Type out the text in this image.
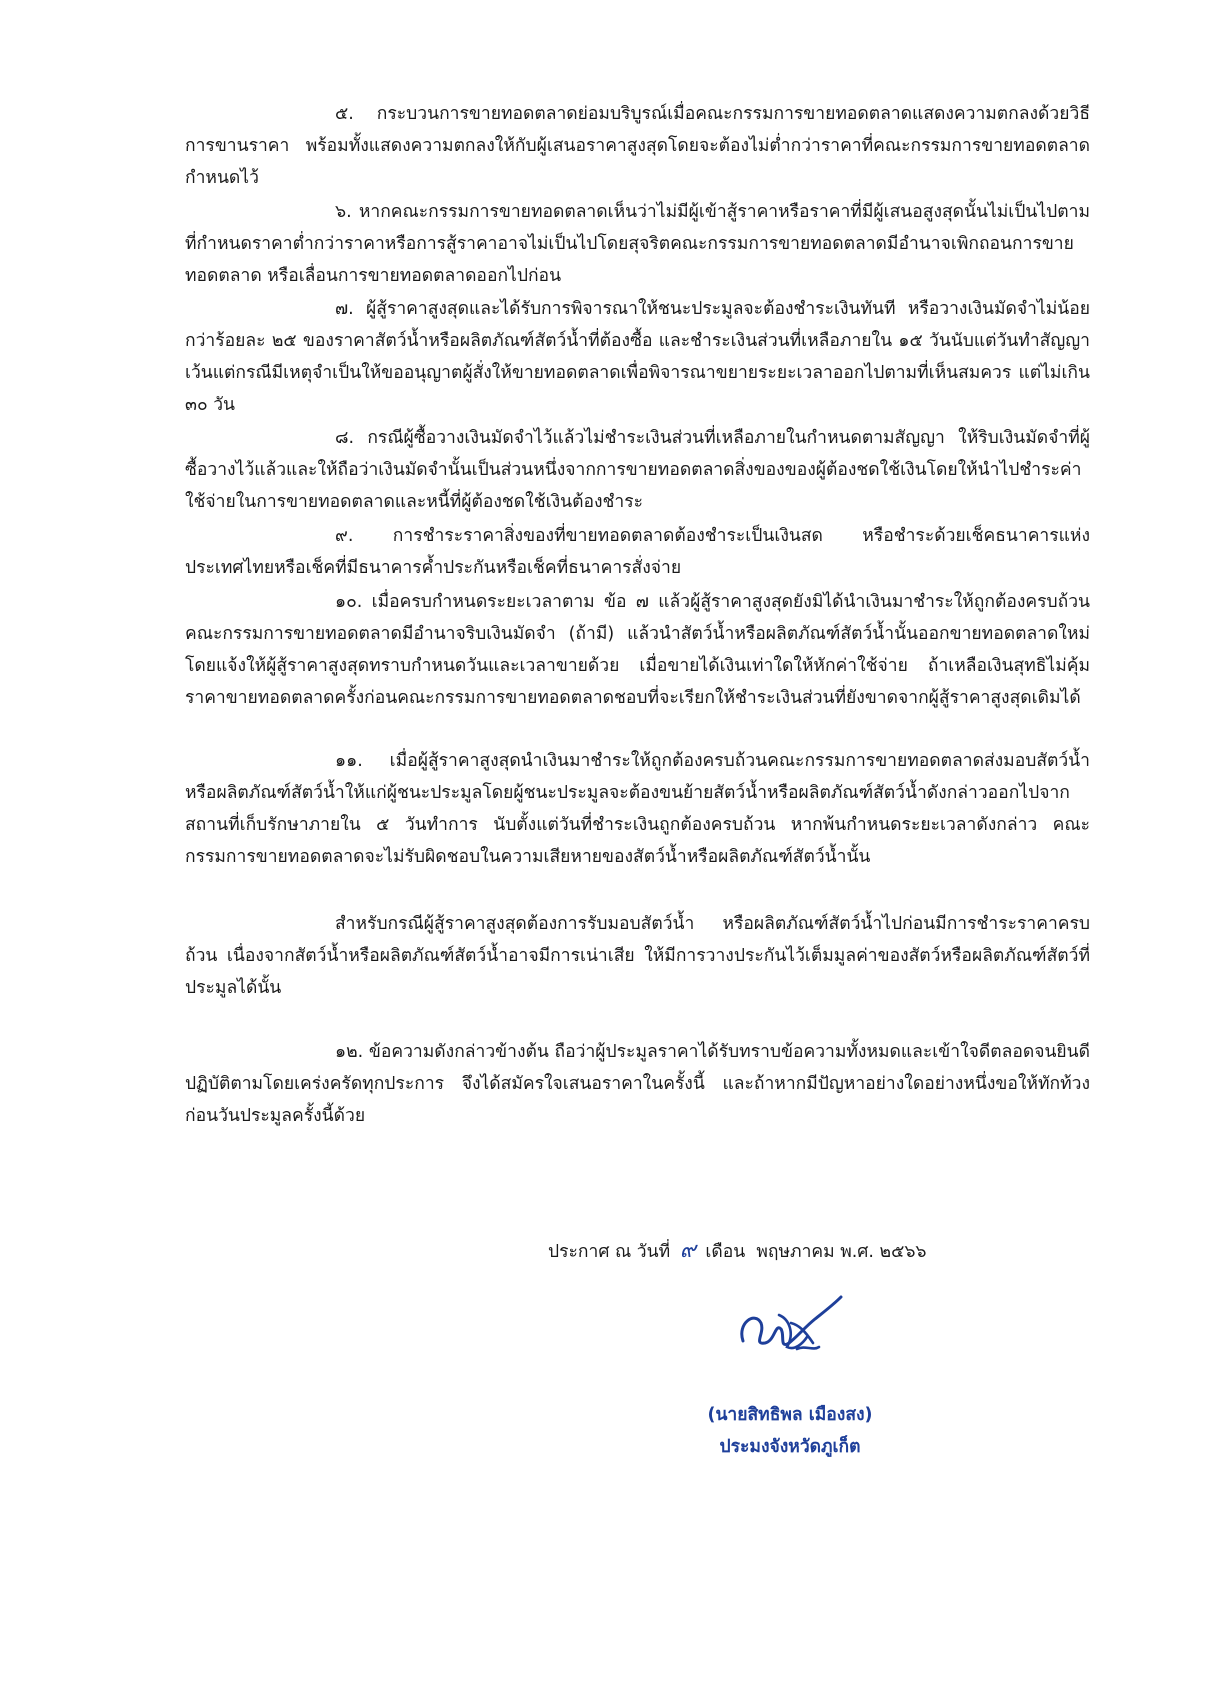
๕. กระบวนการขายทอดตลาดย่อมบริบูรณ์เมื่อคณะกรรมการขายทอดตลาดแสดงความตกลงด้วยวิธีการขานราคา พร้อมทั้งแสดงความตกลงให้กับผู้เสนอราคาสูงสุดโดยจะต้องไม่ต่ำกว่าราคาที่คณะกรรมการขายทอดตลาดกำหนดไว้

๖. หากคณะกรรมการขายทอดตลาดเห็นว่าไม่มีผู้เข้าสู้ราคาหรือราคาที่มีผู้เสนอสูงสุดนั้นไม่เป็นไปตามที่กำหนดราคาต่ำกว่าราคาหรือการสู้ราคาอาจไม่เป็นไปโดยสุจริตคณะกรรมการขายทอดตลาดมีอำนาจเพิกถอนการขายทอดตลาด หรือเลื่อนการขายทอดตลาดออกไปก่อน

๗. ผู้สู้ราคาสูงสุดและได้รับการพิจารณาให้ชนะประมูลจะต้องชำระเงินทันที หรือวางเงินมัดจำไม่น้อยกว่าร้อยละ ๒๕ ของราคาสัตว์น้ำหรือผลิตภัณฑ์สัตว์น้ำที่ต้องซื้อ และชำระเงินส่วนที่เหลือภายใน ๑๕ วันนับแต่วันทำสัญญา เว้นแต่กรณีมีเหตุจำเป็นให้ขออนุญาตผู้สั่งให้ขายทอดตลาดเพื่อพิจารณาขยายระยะเวลาออกไปตามที่เห็นสมควร แต่ไม่เกิน ๓๐ วัน

๘. กรณีผู้ซื้อวางเงินมัดจำไว้แล้วไม่ชำระเงินส่วนที่เหลือภายในกำหนดตามสัญญา ให้ริบเงินมัดจำที่ผู้ซื้อวางไว้แล้วและให้ถือว่าเงินมัดจำนั้นเป็นส่วนหนึ่งจากการขายทอดตลาดสิ่งของของผู้ต้องชดใช้เงินโดยให้นำไปชำระค่าใช้จ่ายในการขายทอดตลาดและหนี้ที่ผู้ต้องชดใช้เงินต้องชำระ

๙. การชำระราคาสิ่งของที่ขายทอดตลาดต้องชำระเป็นเงินสด หรือชำระด้วยเช็คธนาคารแห่งประเทศไทยหรือเช็คที่มีธนาคารค้ำประกันหรือเช็คที่ธนาคารสั่งจ่าย

๑๐. เมื่อครบกำหนดระยะเวลาตาม ข้อ ๗ แล้วผู้สู้ราคาสูงสุดยังมิได้นำเงินมาชำระให้ถูกต้องครบถ้วน คณะกรรมการขายทอดตลาดมีอำนาจริบเงินมัดจำ (ถ้ามี) แล้วนำสัตว์น้ำหรือผลิตภัณฑ์สัตว์น้ำนั้นออกขายทอดตลาดใหม่โดยแจ้งให้ผู้สู้ราคาสูงสุดทราบกำหนดวันและเวลาขายด้วย เมื่อขายได้เงินเท่าใดให้หักค่าใช้จ่าย ถ้าเหลือเงินสุทธิไม่คุ้มราคาขายทอดตลาดครั้งก่อนคณะกรรมการขายทอดตลาดชอบที่จะเรียกให้ชำระเงินส่วนที่ยังขาดจากผู้สู้ราคาสูงสุดเดิมได้

๑๑. เมื่อผู้สู้ราคาสูงสุดนำเงินมาชำระให้ถูกต้องครบถ้วนคณะกรรมการขายทอดตลาดส่งมอบสัตว์น้ำหรือผลิตภัณฑ์สัตว์น้ำให้แก่ผู้ชนะประมูลโดยผู้ชนะประมูลจะต้องขนย้ายสัตว์น้ำหรือผลิตภัณฑ์สัตว์น้ำดังกล่าวออกไปจากสถานที่เก็บรักษาภายใน ๕ วันทำการ นับตั้งแต่วันที่ชำระเงินถูกต้องครบถ้วน หากพ้นกำหนดระยะเวลาดังกล่าว คณะกรรมการขายทอดตลาดจะไม่รับผิดชอบในความเสียหายของสัตว์น้ำหรือผลิตภัณฑ์สัตว์น้ำนั้น

สำหรับกรณีผู้สู้ราคาสูงสุดต้องการรับมอบสัตว์น้ำ หรือผลิตภัณฑ์สัตว์น้ำไปก่อนมีการชำระราคาครบถ้วน เนื่องจากสัตว์น้ำหรือผลิตภัณฑ์สัตว์น้ำอาจมีการเน่าเสีย ให้มีการวางประกันไว้เต็มมูลค่าของสัตว์หรือผลิตภัณฑ์สัตว์ที่ประมูลได้นั้น

๑๒. ข้อความดังกล่าวข้างต้น ถือว่าผู้ประมูลราคาได้รับทราบข้อความทั้งหมดและเข้าใจดีตลอดจนยินดีปฏิบัติตามโดยเคร่งครัดทุกประการ จึงได้สมัครใจเสนอราคาในครั้งนี้ และถ้าหากมีปัญหาอย่างใดอย่างหนึ่งขอให้ทักท้วงก่อนวันประมูลครั้งนี้ด้วย

ประกาศ ณ วันที่ ๙ เดือน พฤษภาคม พ.ศ. ๒๕๖๖
(นายสิทธิพล เมืองสง)
ประมงจังหวัดภูเก็ต
